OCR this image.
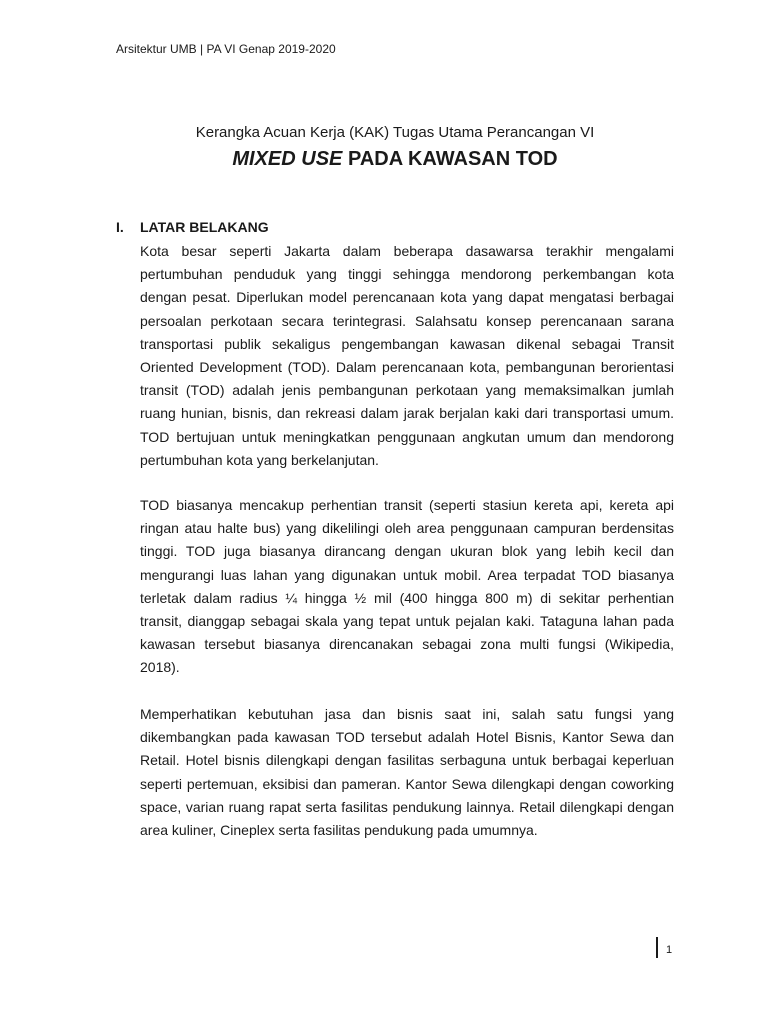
Arsitektur UMB | PA VI Genap 2019-2020
Kerangka Acuan Kerja (KAK) Tugas Utama Perancangan VI
MIXED USE PADA KAWASAN TOD
I. LATAR BELAKANG
Kota besar seperti Jakarta dalam beberapa dasawarsa terakhir mengalami
pertumbuhan penduduk yang tinggi sehingga mendorong perkembangan kota
dengan pesat. Diperlukan model perencanaan kota yang dapat mengatasi berbagai
persoalan perkotaan secara terintegrasi. Salahsatu konsep perencanaan sarana
transportasi publik sekaligus pengembangan kawasan dikenal sebagai Transit
Oriented Development (TOD). Dalam perencanaan kota, pembangunan berorientasi
transit (TOD) adalah jenis pembangunan perkotaan yang memaksimalkan jumlah
ruang hunian, bisnis, dan rekreasi dalam jarak berjalan kaki dari transportasi umum.
TOD bertujuan untuk meningkatkan penggunaan angkutan umum dan mendorong
pertumbuhan kota yang berkelanjutan.
TOD biasanya mencakup perhentian transit (seperti stasiun kereta api, kereta api
ringan atau halte bus) yang dikelilingi oleh area penggunaan campuran berdensitas
tinggi. TOD juga biasanya dirancang dengan ukuran blok yang lebih kecil dan
mengurangi luas lahan yang digunakan untuk mobil. Area terpadat TOD biasanya
terletak dalam radius ¼ hingga ½ mil (400 hingga 800 m) di sekitar perhentian
transit, dianggap sebagai skala yang tepat untuk pejalan kaki. Tataguna lahan pada
kawasan tersebut biasanya direncanakan sebagai zona multi fungsi (Wikipedia,
2018).
Memperhatikan kebutuhan jasa dan bisnis saat ini, salah satu fungsi yang
dikembangkan pada kawasan TOD tersebut adalah Hotel Bisnis, Kantor Sewa dan
Retail. Hotel bisnis dilengkapi dengan fasilitas serbaguna untuk berbagai keperluan
seperti pertemuan, eksibisi dan pameran. Kantor Sewa dilengkapi dengan coworking
space, varian ruang rapat serta fasilitas pendukung lainnya. Retail dilengkapi dengan
area kuliner, Cineplex serta fasilitas pendukung pada umumnya.
1
